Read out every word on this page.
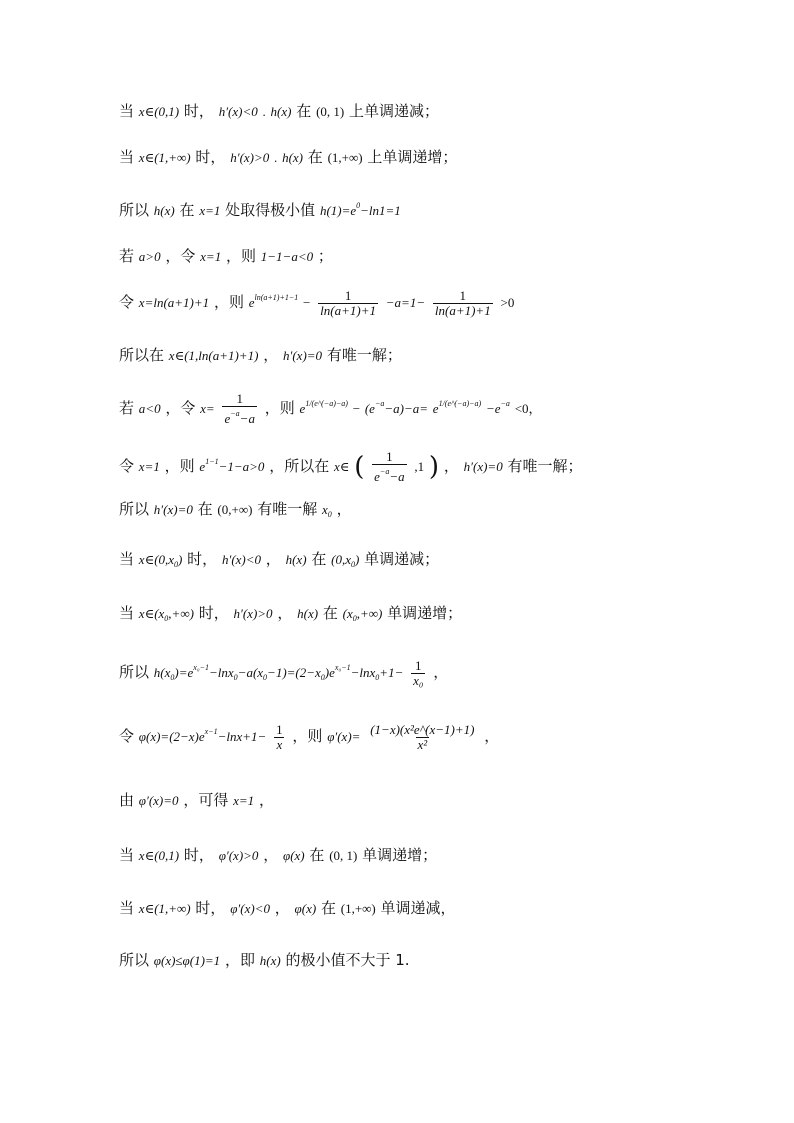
当 x∈(0,1) 时， h′(x)<0 . h(x) 在 (0, 1) 上单调递减；
当 x∈(1,+∞) 时， h′(x)>0 . h(x) 在 (1,+∞) 上单调递增；
所以 h(x) 在 x=1 处取得极小值 $h(1)=e^0-\ln 1=1$
若 a>0 ，令 x=1 ，则 1−1−a<0 ；
令 x=ln(a+1)+1 ，则 $e^{ln(a+1)+1-1} - \frac{1}{\ln(a+1)+1} -a=1- \frac{1}{\ln(a+1)+1} >0$
所以在 x∈(1,ln(a+1)+1) ， h′(x)=0 有唯一解；
若 a<0 ，令 $x= \frac{1}{e^{-a}-a}$ ，则 $e^{1/(e\^{}(-a)-a)} - (e^{-a}-a)-a= e^{1/(e\^{}(-a)-a)} -e^{-a} <0$，
令 x=1 ，则 $e^{1-1}-1-a>0$ ，所以在 x∈ ( $\frac{1}{e^{-a}-a} ,1$ ) ， h′(x)=0 有唯一解；
所以 h′(x)=0 在 (0,+∞) 有唯一解 $x_0$ ，
当 $x\in(0,x_0)$ 时， h′(x)<0 ， h(x) 在 $(0,x_0)$ 单调递减；
当 $x\in(x_0,+\infty)$ 时， h′(x)>0 ， h(x) 在 $(x_0,+\infty)$ 单调递增；
所以 $h(x_0)=e^{x_0-1}-\ln x_0-a(x_0-1)=(2-x_0)e^{x_0-1}-\ln x_0+1- \frac{1}{\text{x₀}}$ ，
令 $\varphi(x)=(2-x)e^{x-1}-\ln x+1- \frac{1}{x}$ ，则 $\varphi'(x)= \frac{\text{(1−x)(x²e\textasciicircum{}(x−1)+1)}}{\text{x²}}$ ，
由 φ′(x)=0 ，可得 x=1 ，
当 x∈(0,1) 时， φ′(x)>0 ， φ(x) 在 (0, 1) 单调递增；
当 x∈(1,+∞) 时， φ′(x)<0 ， φ(x) 在 (1,+∞) 单调递减，
所以 φ(x)≤φ(1)=1 ，即 h(x) 的极小值不大于 1.
